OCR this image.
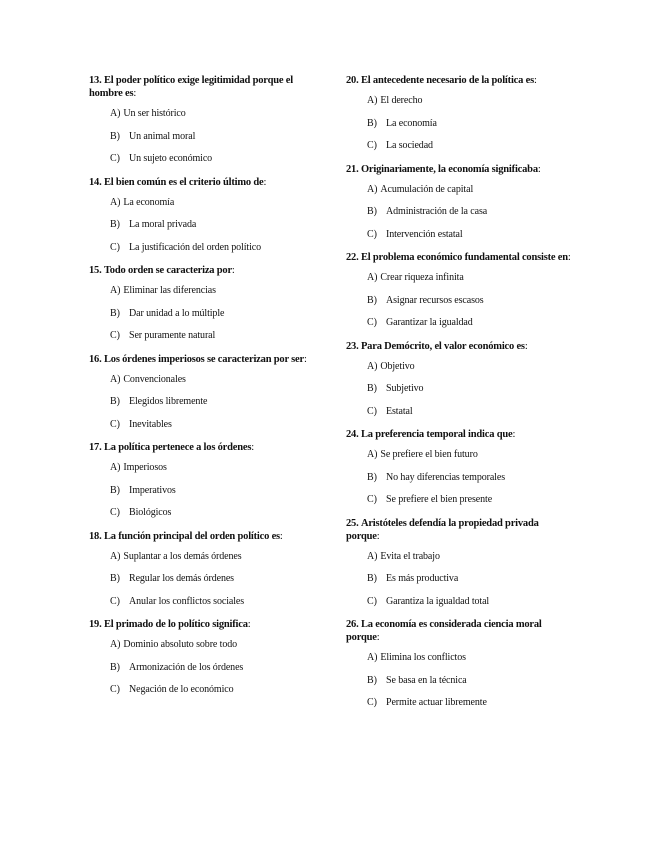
13. El poder político exige legitimidad porque el hombre es:

A) Un ser histórico
B) Un animal moral
C) Un sujeto económico

14. El bien común es el criterio último de:

A) La economía
B) La moral privada
C) La justificación del orden político

15. Todo orden se caracteriza por:

A) Eliminar las diferencias
B) Dar unidad a lo múltiple
C) Ser puramente natural

16. Los órdenes imperiosos se caracterizan por ser:

A) Convencionales
B) Elegidos libremente
C) Inevitables

17. La política pertenece a los órdenes:

A) Imperiosos
B) Imperativos
C) Biológicos

18. La función principal del orden político es:

A) Suplantar a los demás órdenes
B) Regular los demás órdenes
C) Anular los conflictos sociales

19. El primado de lo político significa:

A) Dominio absoluto sobre todo
B) Armonización de los órdenes
C) Negación de lo económico

20. El antecedente necesario de la política es:

A) El derecho
B) La economía
C) La sociedad

21. Originariamente, la economía significaba:

A) Acumulación de capital
B) Administración de la casa
C) Intervención estatal

22. El problema económico fundamental consiste en:

A) Crear riqueza infinita
B) Asignar recursos escasos
C) Garantizar la igualdad

23. Para Demócrito, el valor económico es:

A) Objetivo
B) Subjetivo
C) Estatal

24. La preferencia temporal indica que:

A) Se prefiere el bien futuro
B) No hay diferencias temporales
C) Se prefiere el bien presente

25. Aristóteles defendía la propiedad privada porque:

A) Evita el trabajo
B) Es más productiva
C) Garantiza la igualdad total

26. La economía es considerada ciencia moral porque:

A) Elimina los conflictos
B) Se basa en la técnica
C) Permite actuar libremente
